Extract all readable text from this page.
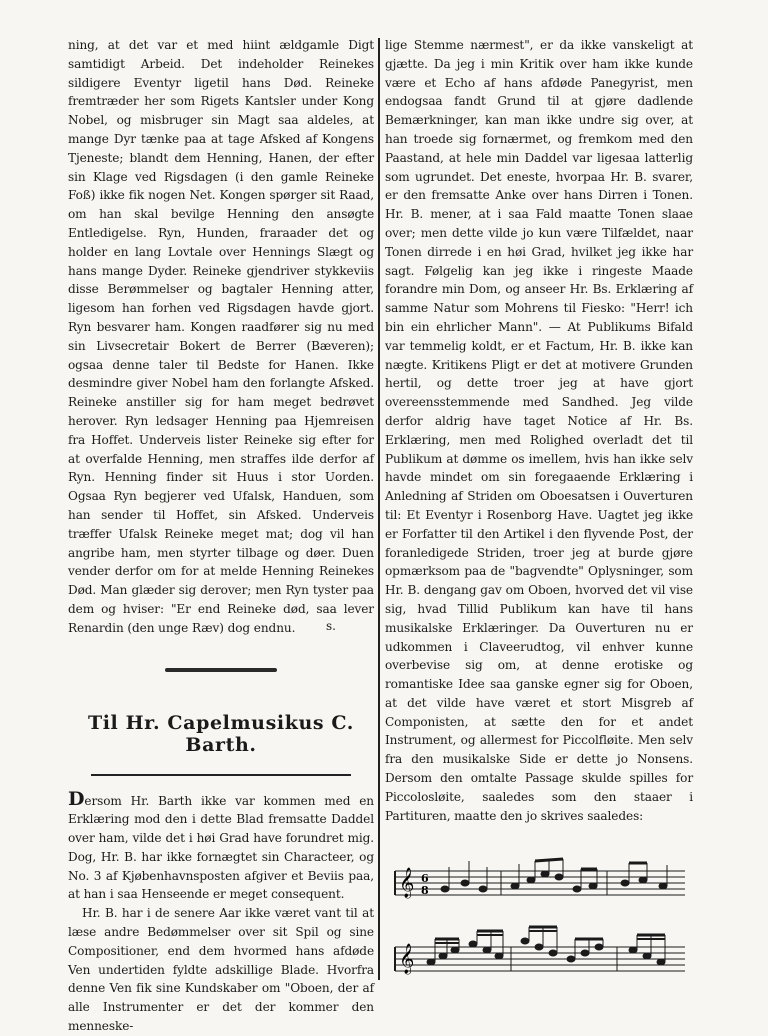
ning, at det var et med hiint ældgamle Digt samtidigt Arbeid. Det indeholder Reinekes sildigere Eventyr ligetil hans Død. Reineke fremtræder her som Rigets Kantsler under Kong Nobel, og misbruger sin Magt saa aldeles, at mange Dyr tænke paa at tage Afsked af Kongens Tjeneste; blandt dem Henning, Hanen, der efter sin Klage ved Rigsdagen (i den gamle Reineke Foß) ikke fik nogen Net. Kongen spørger sit Raad, om han skal bevilge Henning den ansøgte Entledigelse. Ryn, Hunden, fraraader det og holder en lang Lovtale over Hennings Slægt og hans mange Dyder. Reineke gjendriver stykkeviis disse Berømmelser og bagtaler Henning atter, ligesom han forhen ved Rigsdagen havde gjort. Ryn besvarer ham. Kongen raadfører sig nu med sin Livsecretair Bokert de Berrer (Bæveren); ogsaa denne taler til Bedste for Hanen. Ikke desmindre giver Nobel ham den forlangte Afsked. Reineke anstiller sig for ham meget bedrøvet herover. Ryn ledsager Henning paa Hjemreisen fra Hoffet. Underveis lister Reineke sig efter for at overfalde Henning, men straffes ilde derfor af Ryn. Henning finder sit Huus i stor Uorden. Ogsaa Ryn begjerer ved Ufalsk, Handuen, som han sender til Hoffet, sin Afsked. Underveis træffer Ufalsk Reineke meget mat; dog vil han angribe ham, men styrter tilbage og døer. Duen vender derfor om for at melde Henning Reinekes Død. Man glæder sig derover; men Ryn tyster paa dem og hviser: "Er end Reineke død, saa lever Renardin (den unge Ræv) dog endnu.	s.
Til Hr. Capelmusikus C. Barth.

Dersom Hr. Barth ikke var kommen med en Erklæring mod den i dette Blad fremsatte Daddel over ham, vilde det i høi Grad have forundret mig. Dog, Hr. B. har ikke fornægtet sin Characteer, og No. 3 af Kjøbenhavnsposten afgiver et Beviis paa, at han i saa Henseende er meget consequent.

Hr. B. har i de senere Aar ikke været vant til at læse andre Bedømmelser over sit Spil og sine Compositioner, end dem hvormed hans afdøde Ven undertiden fyldte adskillige Blade. Hvorfra denne Ven fik sine Kundskaber om "Oboen, der af alle Instrumenter er det der kommer den menneske-

lige Stemme nærmest", er da ikke vanskeligt at gjætte. Da jeg i min Kritik over ham ikke kunde være et Echo af hans afdøde Panegyrist, men endogsaa fandt Grund til at gjøre dadlende Bemærkninger, kan man ikke undre sig over, at han troede sig fornærmet, og fremkom med den Paastand, at hele min Daddel var ligesaa latterlig som ugrundet. Det eneste, hvorpaa Hr. B. svarer, er den fremsatte Anke over hans Dirren i Tonen. Hr. B. mener, at i saa Fald maatte Tonen slaae over; men dette vilde jo kun være Tilfældet, naar Tonen dirrede i en høi Grad, hvilket jeg ikke har sagt. Følgelig kan jeg ikke i ringeste Maade forandre min Dom, og anseer Hr. Bs. Erklæring af samme Natur som Mohrens til Fiesko: "Herr! ich bin ein ehrlicher Mann". — At Publikums Bifald var temmelig koldt, er et Factum, Hr. B. ikke kan nægte. Kritikens Pligt er det at motivere Grunden hertil, og dette troer jeg at have gjort overeensstemmende med Sandhed. Jeg vilde derfor aldrig have taget Notice af Hr. Bs. Erklæring, men med Rolighed overladt det til Publikum at dømme os imellem, hvis han ikke selv havde mindet om sin foregaaende Erklæring i Anledning af Striden om Oboesatsen i Ouverturen til: Et Eventyr i Rosenborg Have. Uagtet jeg ikke er Forfatter til den Artikel i den flyvende Post, der foranledigede Striden, troer jeg at burde gjøre opmærksom paa de "bagvendte" Oplysninger, som Hr. B. dengang gav om Oboen, hvorved det vil vise sig, hvad Tillid Publikum kan have til hans musikalske Erklæringer. Da Ouverturen nu er udkommen i Claveerudtog, vil enhver kunne overbevise sig om, at denne erotiske og romantiske Idee saa ganske egner sig for Oboen, at det vilde have været et stort Misgreb af Componisten, at sætte den for et andet Instrument, og allermest for Piccolfløite. Men selv fra den musikalske Side er dette jo Nonsens. Dersom den omtalte Passage skulde spilles for Piccolosløite, saaledes som den staaer i Partituren, maatte den jo skrives saaledes:

𝄞 6
8
𝄞
